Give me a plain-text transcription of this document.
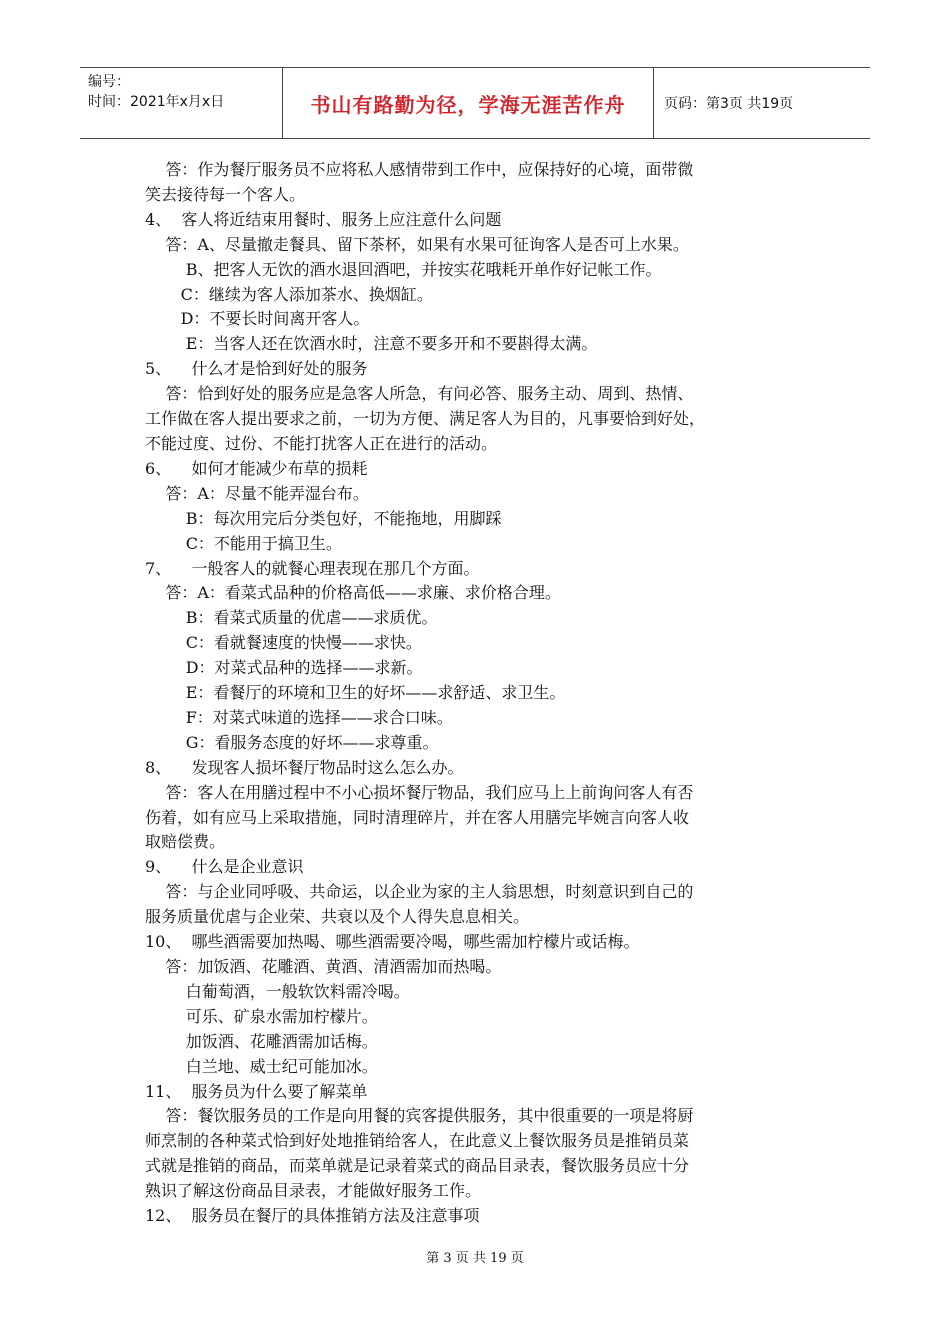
编号：
时间：2021年x月x日	书山有路勤为径，学海无涯苦作舟	页码：第3页 共19页
答：作为餐厅服务员不应将私人感情带到工作中，应保持好的心境，面带微
笑去接待每一个客人。
4、  客人将近结束用餐时、服务上应注意什么问题
答：A、尽量撤走餐具、留下茶杯，如果有水果可征询客人是否可上水果。
B、把客人无饮的酒水退回酒吧，并按实花哦耗开单作好记帐工作。
C：继续为客人添加茶水、换烟缸。
D：不要长时间离开客人。
E：当客人还在饮酒水时，注意不要多开和不要斟得太满。
5、    什么才是恰到好处的服务
答：恰到好处的服务应是急客人所急，有问必答、服务主动、周到、热情、
工作做在客人提出要求之前，一切为方便、满足客人为目的，凡事要恰到好处，
不能过度、过份、不能打扰客人正在进行的活动。
6、    如何才能减少布草的损耗
答：A：尽量不能弄湿台布。
B：每次用完后分类包好，不能拖地，用脚踩
C：不能用于搞卫生。
7、    一般客人的就餐心理表现在那几个方面。
答：A：看菜式品种的价格高低——求廉、求价格合理。
B：看菜式质量的优虐——求质优。
C：看就餐速度的快慢——求快。
D：对菜式品种的选择——求新。
E：看餐厅的环境和卫生的好坏——求舒适、求卫生。
F：对菜式味道的选择——求合口味。
G：看服务态度的好坏——求尊重。
8、    发现客人损坏餐厅物品时这么怎么办。
答：客人在用膳过程中不小心损坏餐厅物品，我们应马上上前询问客人有否
伤着，如有应马上采取措施，同时清理碎片，并在客人用膳完毕婉言向客人收
取赔偿费。
9、    什么是企业意识
答：与企业同呼吸、共命运，以企业为家的主人翁思想，时刻意识到自己的
服务质量优虐与企业荣、共衰以及个人得失息息相关。
10、  哪些酒需要加热喝、哪些酒需要冷喝，哪些需加柠檬片或话梅。
答：加饭酒、花雕酒、黄酒、清酒需加而热喝。
白葡萄酒，一般软饮料需冷喝。
可乐、矿泉水需加柠檬片。
加饭酒、花雕酒需加话梅。
白兰地、威士纪可能加冰。
11、  服务员为什么要了解菜单
答：餐饮服务员的工作是向用餐的宾客提供服务，其中很重要的一项是将厨
师烹制的各种菜式恰到好处地推销给客人，在此意义上餐饮服务员是推销员菜
式就是推销的商品，而菜单就是记录着菜式的商品目录表，餐饮服务员应十分
熟识了解这份商品目录表，才能做好服务工作。
12、  服务员在餐厅的具体推销方法及注意事项
第 3 页 共 19 页
